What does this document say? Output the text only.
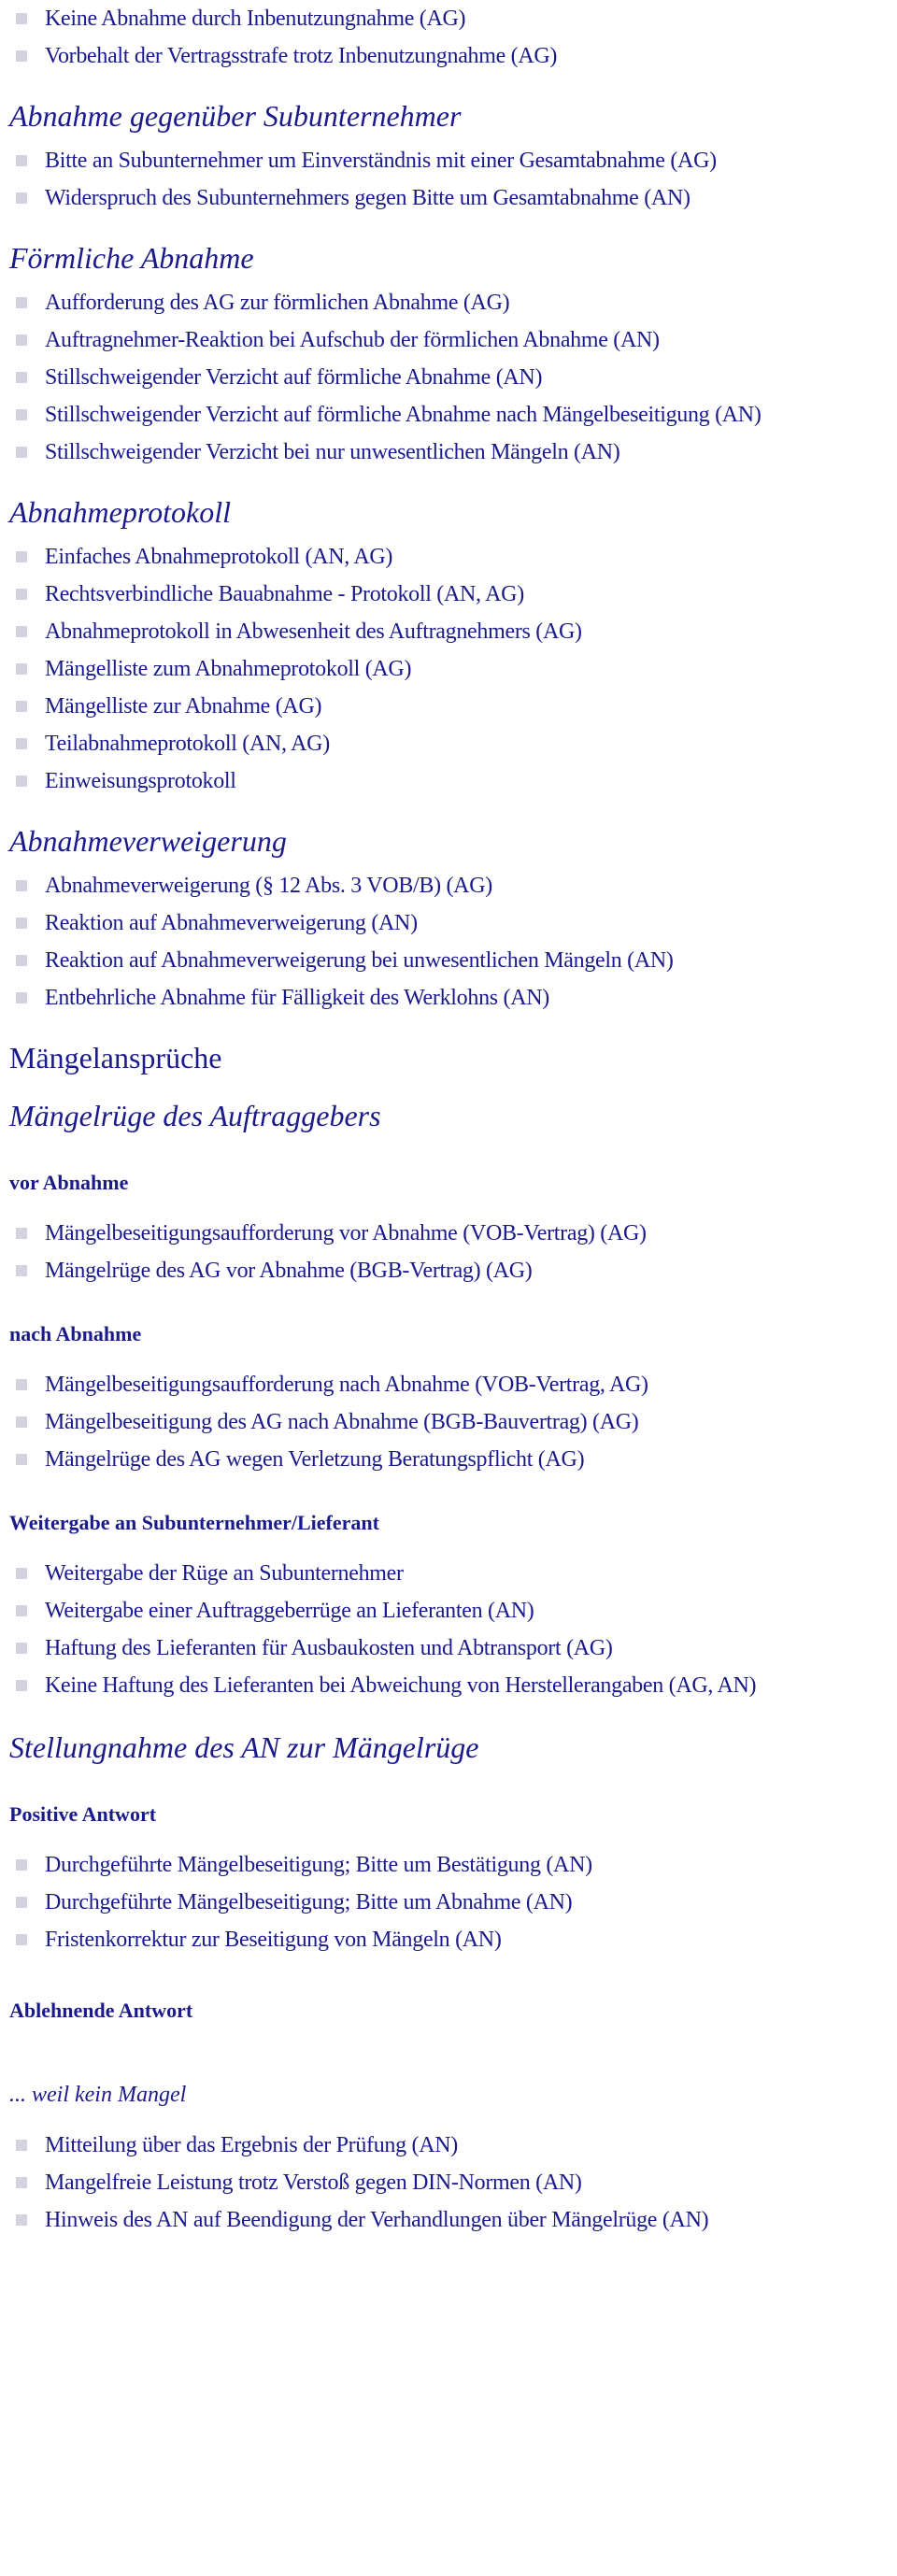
Keine Abnahme durch Inbenutzungnahme (AG)
Vorbehalt der Vertragsstrafe trotz Inbenutzungnahme (AG)
Abnahme gegenüber Subunternehmer
Bitte an Subunternehmer um Einverständnis mit einer Gesamtabnahme (AG)
Widerspruch des Subunternehmers gegen Bitte um Gesamtabnahme (AN)
Förmliche Abnahme
Aufforderung des AG zur förmlichen Abnahme (AG)
Auftragnehmer-Reaktion bei Aufschub der förmlichen Abnahme (AN)
Stillschweigender Verzicht auf förmliche Abnahme (AN)
Stillschweigender Verzicht auf förmliche Abnahme nach Mängelbeseitigung (AN)
Stillschweigender Verzicht bei nur unwesentlichen Mängeln (AN)
Abnahmeprotokoll
Einfaches Abnahmeprotokoll (AN, AG)
Rechtsverbindliche Bauabnahme - Protokoll (AN, AG)
Abnahmeprotokoll in Abwesenheit des Auftragnehmers (AG)
Mängelliste zum Abnahmeprotokoll (AG)
Mängelliste zur Abnahme (AG)
Teilabnahmeprotokoll (AN, AG)
Einweisungsprotokoll
Abnahmeverweigerung
Abnahmeverweigerung (§ 12 Abs. 3 VOB/B) (AG)
Reaktion auf Abnahmeverweigerung (AN)
Reaktion auf Abnahmeverweigerung bei unwesentlichen Mängeln (AN)
Entbehrliche Abnahme für Fälligkeit des Werklohns (AN)
Mängelansprüche
Mängelrüge des Auftraggebers
vor Abnahme
Mängelbeseitigungsaufforderung vor Abnahme (VOB-Vertrag) (AG)
Mängelrüge des AG vor Abnahme (BGB-Vertrag) (AG)
nach Abnahme
Mängelbeseitigungsaufforderung nach Abnahme (VOB-Vertrag, AG)
Mängelbeseitigung des AG nach Abnahme (BGB-Bauvertrag) (AG)
Mängelrüge des AG wegen Verletzung Beratungspflicht (AG)
Weitergabe an Subunternehmer/Lieferant
Weitergabe der Rüge an Subunternehmer
Weitergabe einer Auftraggeberrüge an Lieferanten (AN)
Haftung des Lieferanten für Ausbaukosten und Abtransport (AG)
Keine Haftung des Lieferanten bei Abweichung von Herstellerangaben (AG, AN)
Stellungnahme des AN zur Mängelrüge
Positive Antwort
Durchgeführte Mängelbeseitigung; Bitte um Bestätigung (AN)
Durchgeführte Mängelbeseitigung; Bitte um Abnahme (AN)
Fristenkorrektur zur Beseitigung von Mängeln (AN)
Ablehnende Antwort
... weil kein Mangel
Mitteilung über das Ergebnis der Prüfung (AN)
Mangelfreie Leistung trotz Verstoß gegen DIN-Normen (AN)
Hinweis des AN auf Beendigung der Verhandlungen über Mängelrüge (AN)
